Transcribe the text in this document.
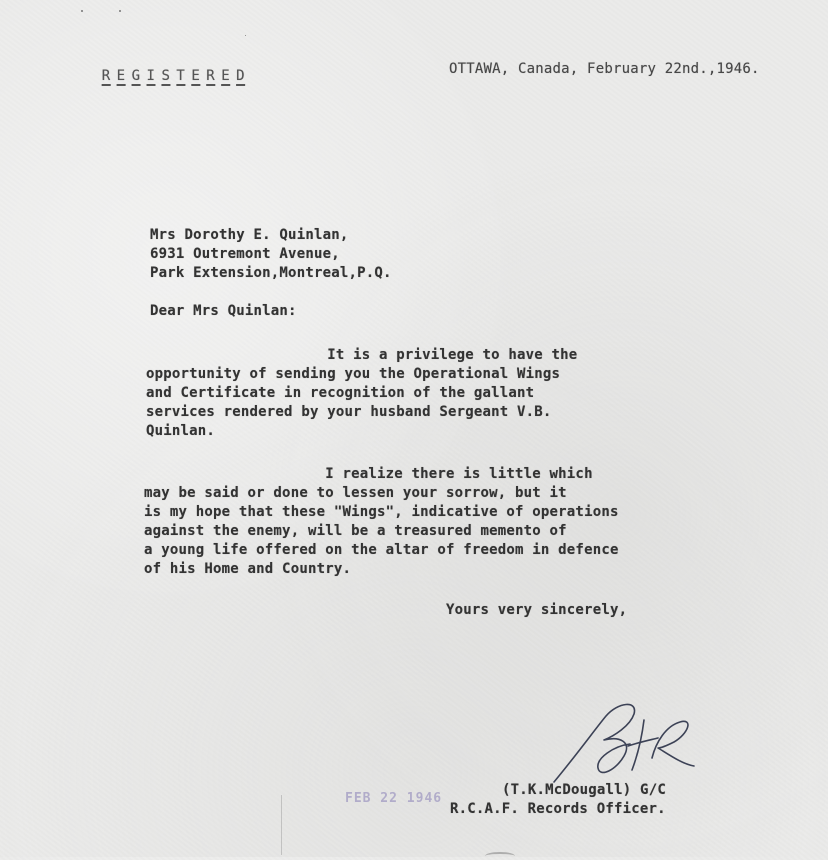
R E G I S T E R E D
	OTTAWA, Canada, February 22nd.,1946.
Mrs Dorothy E. Quinlan,
6931 Outremont Avenue,
Park Extension,Montreal,P.Q.
Dear Mrs Quinlan:
It is a privilege to have the
opportunity of sending you the Operational Wings
and Certificate in recognition of the gallant
services rendered by your husband Sergeant V.B.
Quinlan.
I realize there is little which
may be said or done to lessen your sorrow, but it
is my hope that these "Wings", indicative of operations
against the enemy, will be a treasured memento of
a young life offered on the altar of freedom in defence
of his Home and Country.
Yours very sincerely,
FEB 22 1946
(T.K.McDougall) G/C
R.C.A.F. Records Officer.
